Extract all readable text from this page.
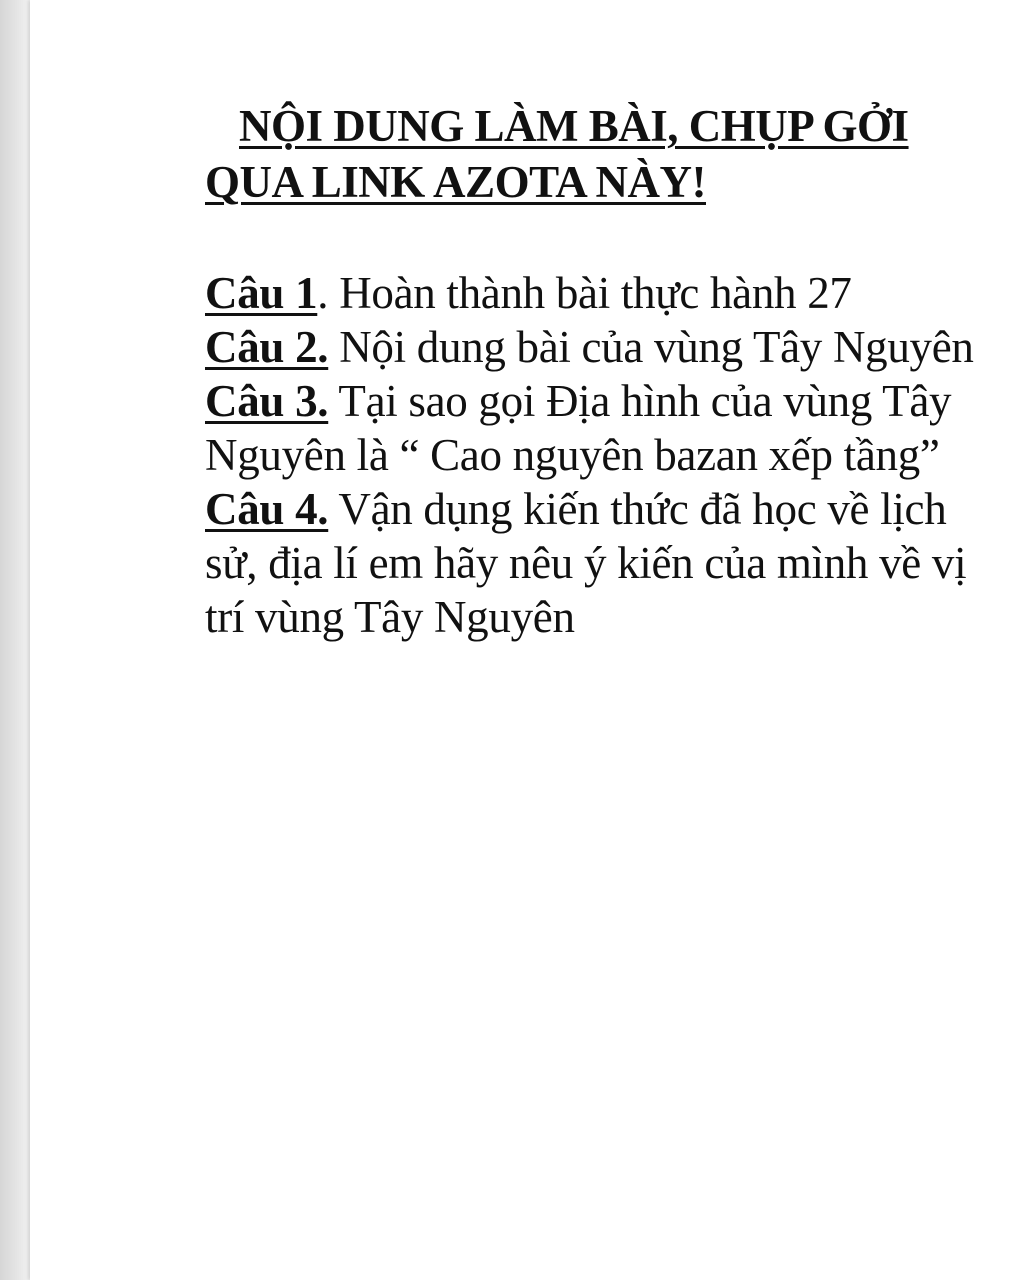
NỘI DUNG LÀM BÀI, CHỤP GỞI QUA LINK AZOTA NÀY!

Câu 1. Hoàn thành bài thực hành 27

Câu 2. Nội dung bài của vùng Tây Nguyên

Câu 3. Tại sao gọi Địa hình của vùng Tây Nguyên là “ Cao nguyên bazan xếp tầng”

Câu 4. Vận dụng kiến thức đã học về lịch sử, địa lí em hãy nêu ý kiến của mình về vị trí vùng Tây Nguyên
